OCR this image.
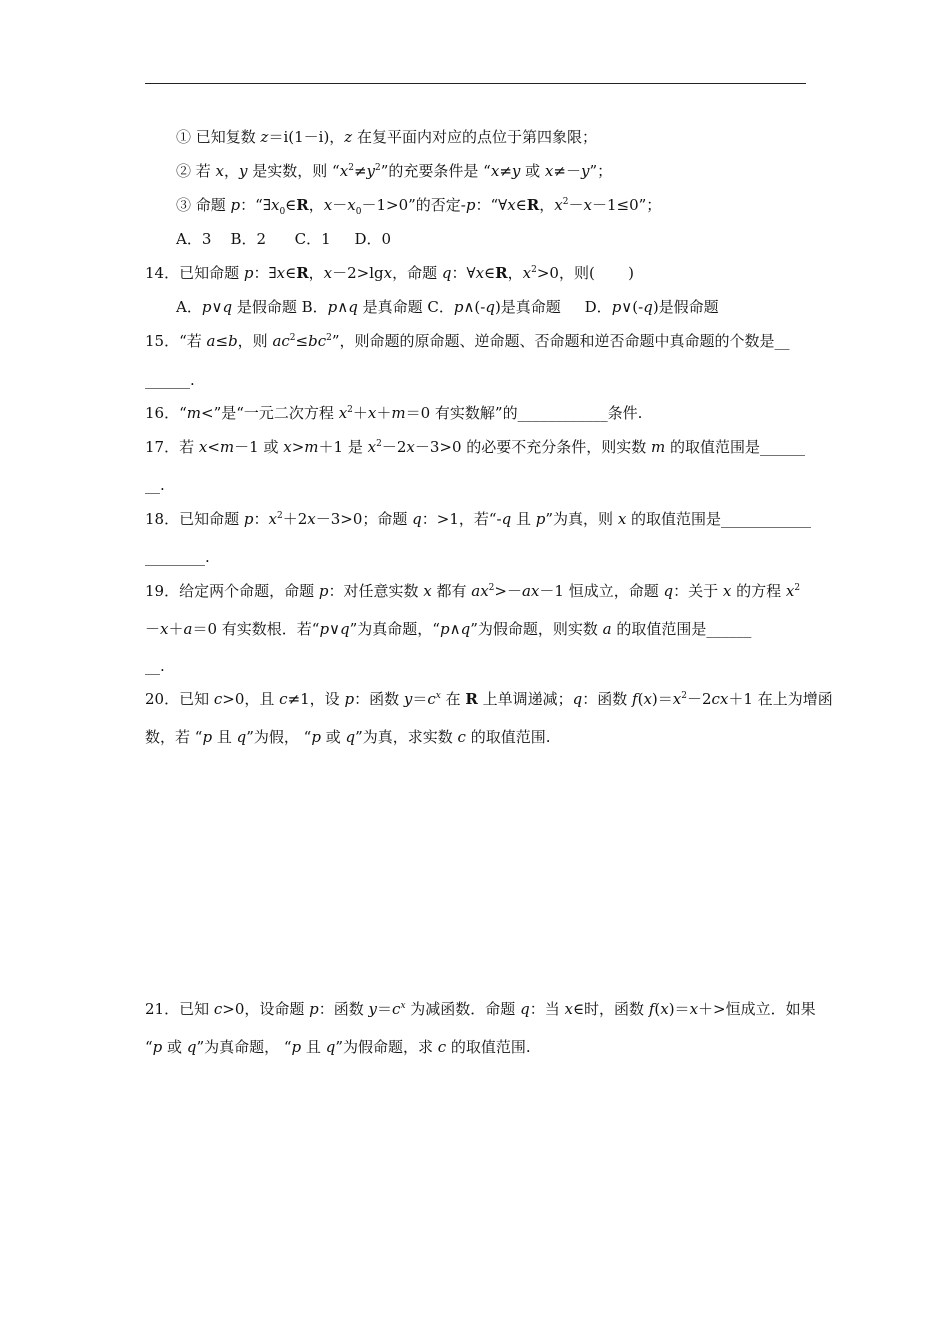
① 已知复数 z＝i(1－i)，z 在复平面内对应的点位于第四象限；
② 若 x，y 是实数，则 “$x^2\ne y^2$”的充要条件是 “x≠y 或 x≠－y”；
③ 命题 p：“$\exists x_0\in R$，$x-x_0-1>0$”的否定-p：“∀x∈R，$x^2-x-1\le 0$”；
A．3    B．2      C．1     D．0
14．已知命题 p：∃x∈R，x－2>lgx，命题 q：∀x∈R，$x^2>0$，则(       )
A．p∨q 是假命题 B．p∧q 是真命题 C．p∧(-q)是真命题     D．p∨(-q)是假命题
15．“若 a≤b，则 $ac^2\le bc^2$”，则命题的原命题、逆命题、否命题和逆否命题中真命题的个数是__
______.
16．“m<”是“一元二次方程 $x^2+x+m=0$ 有实数解”的____________条件.
17．若 x<m－1 或 x>m＋1 是 $x^2-2x-3>0$ 的必要不充分条件，则实数 m 的取值范围是______
__.
18．已知命题 p：$x^2+2x-3>0$；命题 q：>1，若“-q 且 p”为真，则 x 的取值范围是____________
________.
19．给定两个命题，命题 p：对任意实数 x 都有 $ax^2>-ax-1$ 恒成立，命题 q：关于 x 的方程 $x^2$
－x＋a＝0 有实数根．若“p∨q”为真命题，“p∧q”为假命题，则实数 a 的取值范围是______
__.
20．已知 c>0，且 c≠1，设 p：函数 $y=c^x$ 在 R 上单调递减；q：函数 $f(x)=x^2-2cx+1$ 在上为增函
数，若 “p 且 q”为假， “p 或 q”为真，求实数 c 的取值范围.
21．已知 c>0，设命题 p：函数 $y=c^x$ 为减函数．命题 q：当 x∈时，函数 f(x)＝x＋>恒成立．如果
“p 或 q”为真命题， “p 且 q”为假命题，求 c 的取值范围.
